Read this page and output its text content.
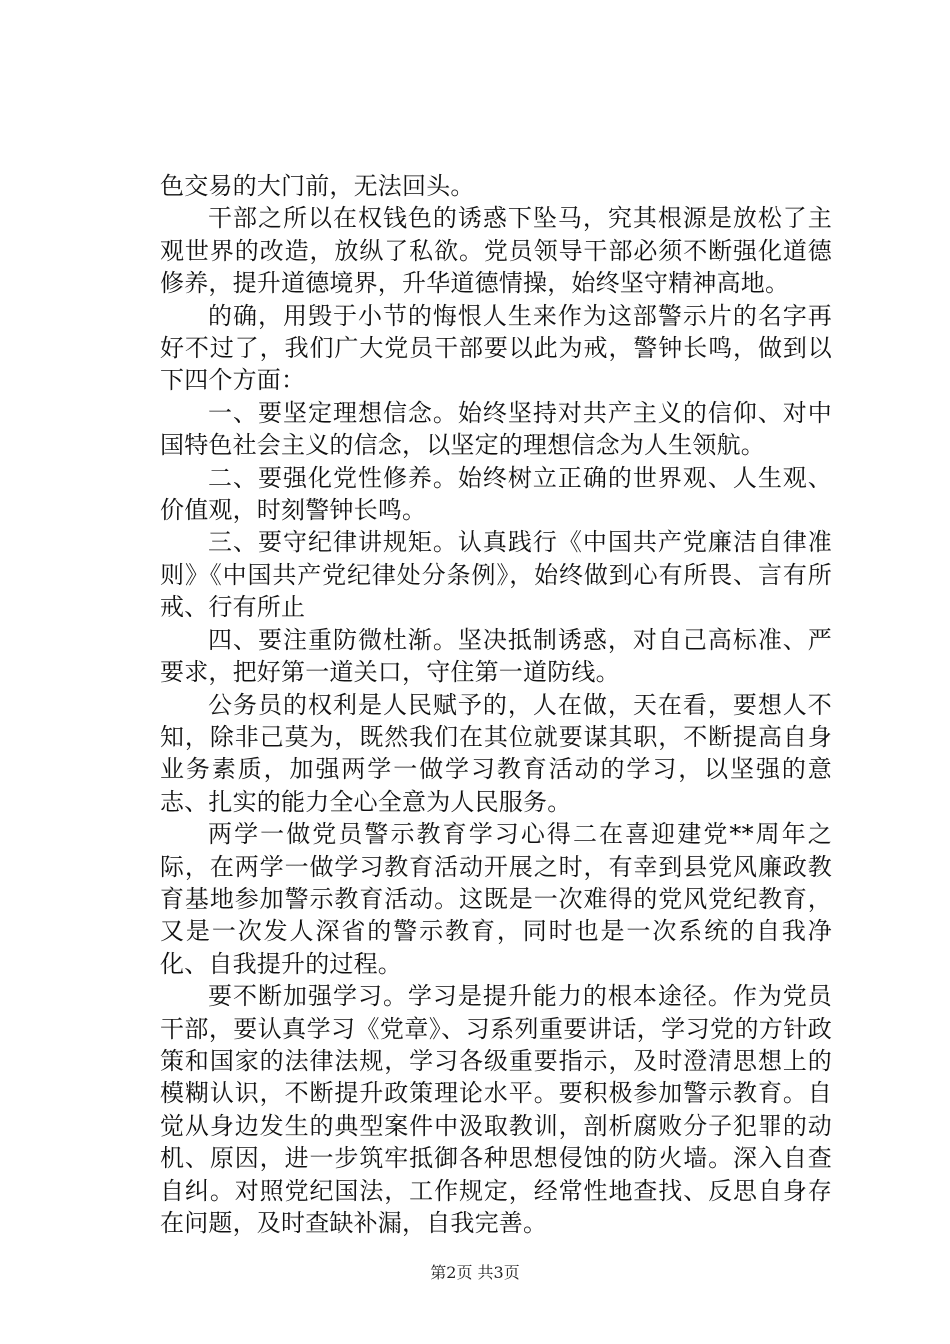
色交易的大门前，无法回头。

干部之所以在权钱色的诱惑下坠马，究其根源是放松了主观世界的改造，放纵了私欲。党员领导干部必须不断强化道德修养，提升道德境界，升华道德情操，始终坚守精神高地。

的确，用毁于小节的悔恨人生来作为这部警示片的名字再好不过了，我们广大党员干部要以此为戒，警钟长鸣，做到以下四个方面：

一、要坚定理想信念。始终坚持对共产主义的信仰、对中国特色社会主义的信念，以坚定的理想信念为人生领航。

二、要强化党性修养。始终树立正确的世界观、人生观、价值观，时刻警钟长鸣。

三、要守纪律讲规矩。认真践行《中国共产党廉洁自律准则》《中国共产党纪律处分条例》，始终做到心有所畏、言有所戒、行有所止

四、要注重防微杜渐。坚决抵制诱惑，对自己高标准、严要求，把好第一道关口，守住第一道防线。

公务员的权利是人民赋予的，人在做，天在看，要想人不知，除非己莫为，既然我们在其位就要谋其职，不断提高自身业务素质，加强两学一做学习教育活动的学习，以坚强的意志、扎实的能力全心全意为人民服务。

两学一做党员警示教育学习心得二在喜迎建党**周年之际，在两学一做学习教育活动开展之时，有幸到县党风廉政教育基地参加警示教育活动。这既是一次难得的党风党纪教育，又是一次发人深省的警示教育，同时也是一次系统的自我净化、自我提升的过程。

要不断加强学习。学习是提升能力的根本途径。作为党员干部，要认真学习《党章》、习系列重要讲话，学习党的方针政策和国家的法律法规，学习各级重要指示，及时澄清思想上的模糊认识，不断提升政策理论水平。要积极参加警示教育。自觉从身边发生的典型案件中汲取教训，剖析腐败分子犯罪的动机、原因，进一步筑牢抵御各种思想侵蚀的防火墙。深入自查自纠。对照党纪国法，工作规定，经常性地查找、反思自身存在问题，及时查缺补漏，自我完善。

第2页 共3页
